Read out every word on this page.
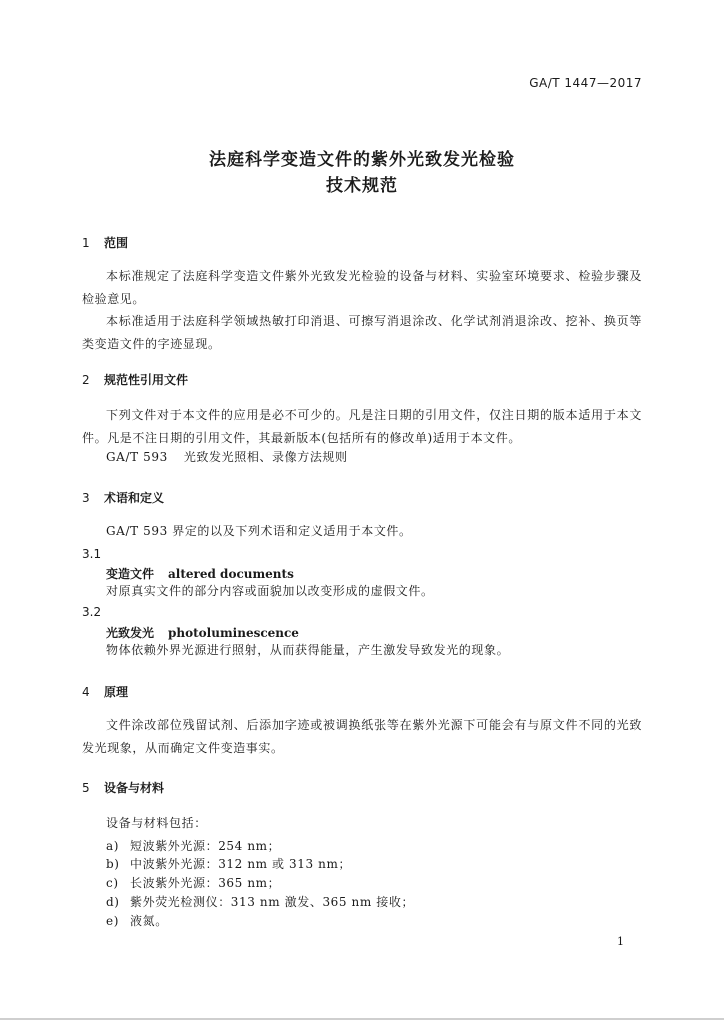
GA/T 1447—2017
法庭科学变造文件的紫外光致发光检验
技术规范
1 范围
本标准规定了法庭科学变造文件紫外光致发光检验的设备与材料、实验室环境要求、检验步骤及检验意见。
本标准适用于法庭科学领域热敏打印消退、可擦写消退涂改、化学试剂消退涂改、挖补、换页等类变造文件的字迹显现。
2 规范性引用文件
下列文件对于本文件的应用是必不可少的。凡是注日期的引用文件，仅注日期的版本适用于本文件。凡是不注日期的引用文件，其最新版本(包括所有的修改单)适用于本文件。
GA/T 593 光致发光照相、录像方法规则
3 术语和定义
GA/T 593 界定的以及下列术语和定义适用于本文件。
3.1
变造文件 altered documents
对原真实文件的部分内容或面貌加以改变形成的虚假文件。
3.2
光致发光 photoluminescence
物体依赖外界光源进行照射，从而获得能量，产生激发导致发光的现象。
4 原理
文件涂改部位残留试剂、后添加字迹或被调换纸张等在紫外光源下可能会有与原文件不同的光致发光现象，从而确定文件变造事实。
5 设备与材料
设备与材料包括：
a) 短波紫外光源：254 nm；
b) 中波紫外光源：312 nm 或 313 nm；
c) 长波紫外光源：365 nm；
d) 紫外荧光检测仪：313 nm 激发、365 nm 接收；
e) 液氮。
1
